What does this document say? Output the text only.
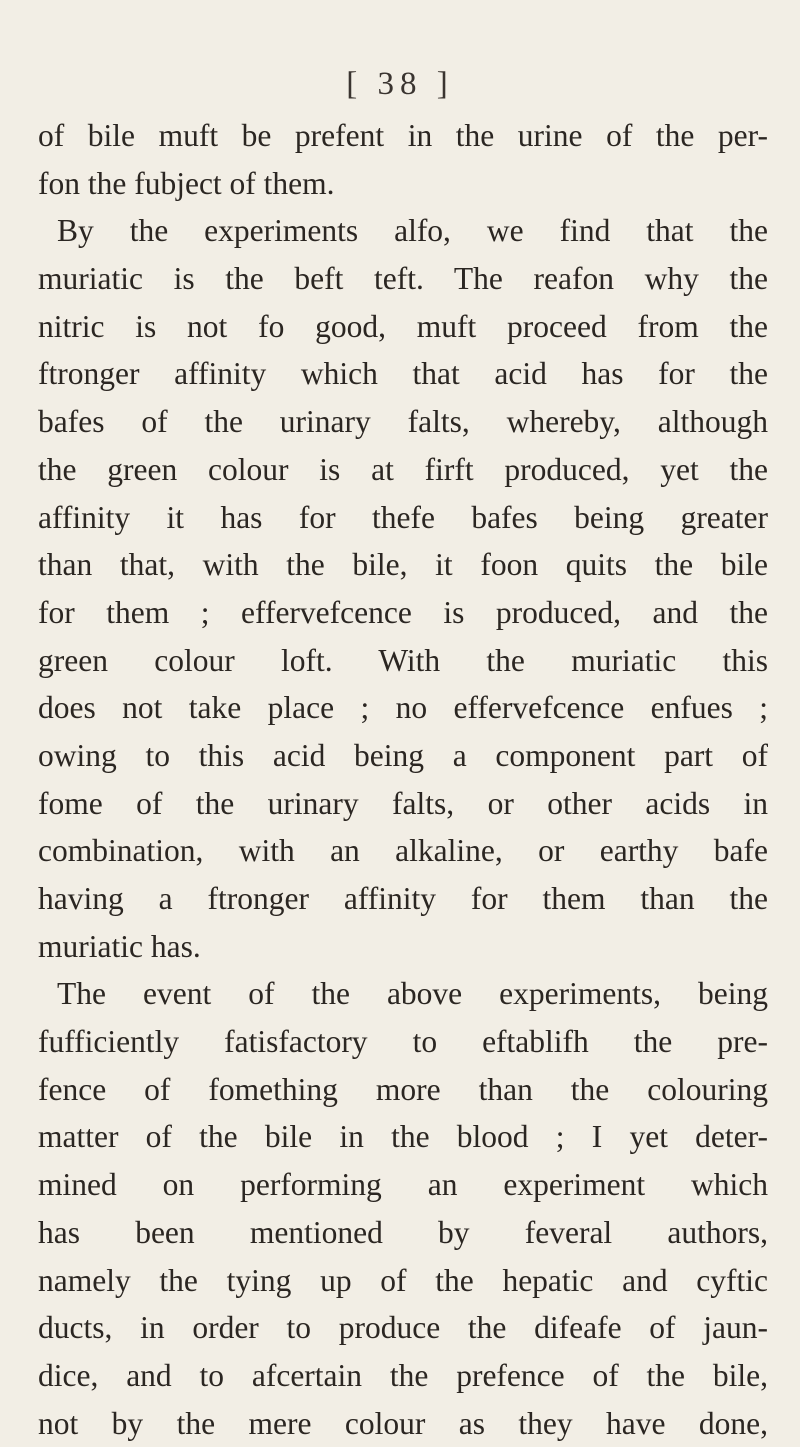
[ 38 ]
of bile muft be prefent in the urine of the per-
fon the fubject of them.
By the experiments alfo, we find that the
muriatic is the beft teft. The reafon why the
nitric is not fo good, muft proceed from the
ftronger affinity which that acid has for the
bafes of the urinary falts, whereby, although
the green colour is at firft produced, yet the
affinity it has for thefe bafes being greater
than that, with the bile, it foon quits the bile
for them ; effervefcence is produced, and the
green colour loft. With the muriatic this
does not take place ; no effervefcence enfues ;
owing to this acid being a component part of
fome of the urinary falts, or other acids in
combination, with an alkaline, or earthy bafe
having a ftronger affinity for them than the
muriatic has.
The event of the above experiments, being
fufficiently fatisfactory to eftablifh the pre-
fence of fomething more than the colouring
matter of the bile in the blood ; I yet deter-
mined on performing an experiment which
has been mentioned by feveral authors,
namely the tying up of the hepatic and cyftic
ducts, in order to produce the difeafe of jaun-
dice, and to afcertain the prefence of the bile,
not by the mere colour as they have done,
